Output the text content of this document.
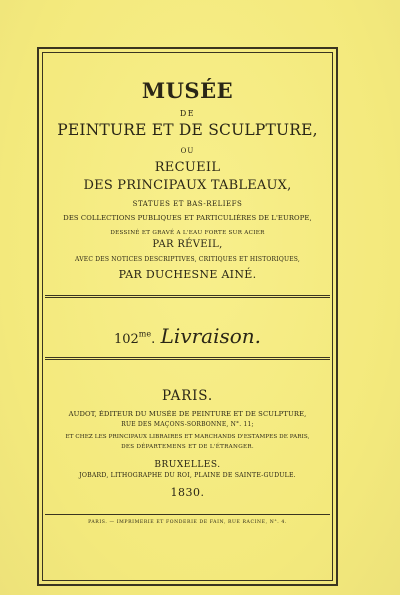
MUSÉE
DE
PEINTURE ET DE SCULPTURE,
OU
RECUEIL
DES PRINCIPAUX TABLEAUX,
STATUES ET BAS-RELIEFS
DES COLLECTIONS PUBLIQUES ET PARTICULIÈRES DE L'EUROPE,
DESSINÉ ET GRAVÉ A L'EAU FORTE SUR ACIER
PAR RÉVEIL,
AVEC DES NOTICES DESCRIPTIVES, CRITIQUES ET HISTORIQUES,
PAR DUCHESNE AINÉ.
$102^{me}$. Livraison.
PARIS.
AUDOT, ÉDITEUR DU MUSÉE DE PEINTURE ET DE SCULPTURE,
RUE DES MAÇONS-SORBONNE, N°. 11;
ET CHEZ LES PRINCIPAUX LIBRAIRES ET MARCHANDS D'ESTAMPES DE PARIS,
DES DÉPARTEMENS ET DE L'ÉTRANGER.
BRUXELLES.
JOBARD, LITHOGRAPHE DU ROI, PLAINE DE SAINTE-GUDULE.
1830.
PARIS. — IMPRIMERIE ET FONDERIE DE FAIN, RUE RACINE, N°. 4.
